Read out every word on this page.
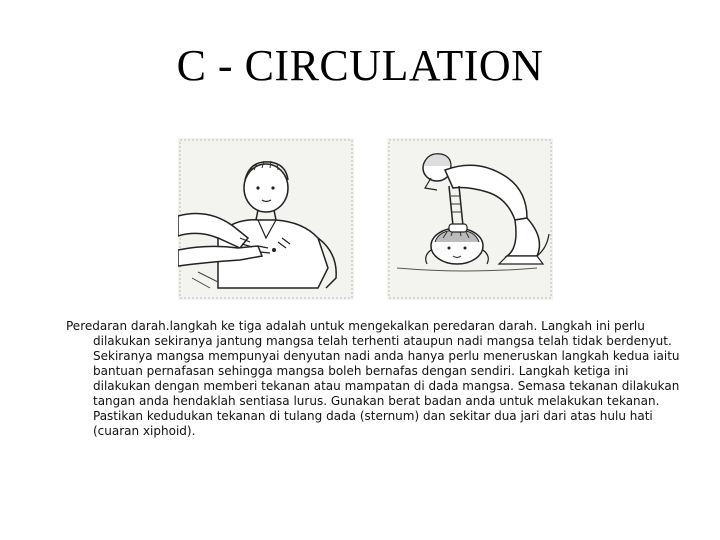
C - CIRCULATION

Peredaran darah.langkah ke tiga adalah untuk mengekalkan peredaran darah. Langkah ini perlu dilakukan sekiranya jantung mangsa telah terhenti ataupun nadi mangsa telah tidak berdenyut. Sekiranya mangsa mempunyai denyutan nadi anda hanya perlu meneruskan langkah kedua iaitu bantuan pernafasan sehingga mangsa boleh bernafas dengan sendiri. Langkah ketiga ini dilakukan dengan memberi tekanan atau mampatan di dada mangsa. Semasa tekanan dilakukan tangan anda hendaklah sentiasa lurus. Gunakan berat badan anda untuk melakukan tekanan. Pastikan kedudukan tekanan di tulang dada (sternum) dan sekitar dua jari dari atas hulu hati (cuaran xiphoid).
